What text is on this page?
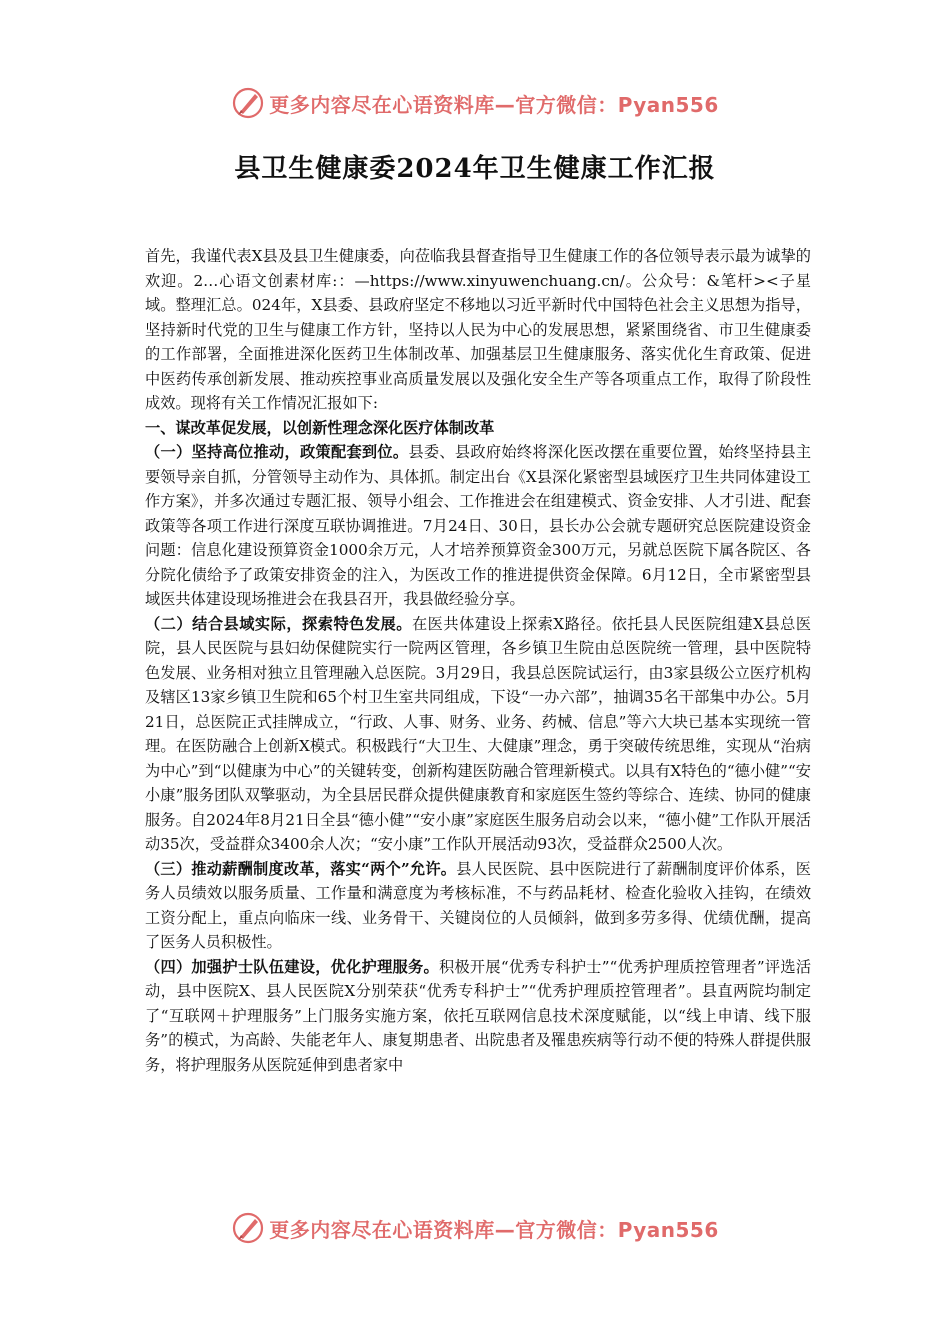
更多内容尽在心语资料库—官方微信：Pyan556
县卫生健康委2024年卫生健康工作汇报

首先，我谨代表X县及县卫生健康委，向莅临我县督查指导卫生健康工作的各位领导表示最为诚挚的欢迎。2…心语文创素材库:：—https://www.xinyuwenchuang.cn/。公众号：&笔杆><子星域。整理汇总。024年，X县委、县政府坚定不移地以习近平新时代中国特色社会主义思想为指导，坚持新时代党的卫生与健康工作方针，坚持以人民为中心的发展思想，紧紧围绕省、市卫生健康委的工作部署，全面推进深化医药卫生体制改革、加强基层卫生健康服务、落实优化生育政策、促进中医药传承创新发展、推动疾控事业高质量发展以及强化安全生产等各项重点工作，取得了阶段性成效。现将有关工作情况汇报如下:

一、谋改革促发展，以创新性理念深化医疗体制改革

（一）坚持高位推动，政策配套到位。县委、县政府始终将深化医改摆在重要位置，始终坚持县主要领导亲自抓，分管领导主动作为、具体抓。制定出台《X县深化紧密型县域医疗卫生共同体建设工作方案》，并多次通过专题汇报、领导小组会、工作推进会在组建模式、资金安排、人才引进、配套政策等各项工作进行深度互联协调推进。7月24日、30日，县长办公会就专题研究总医院建设资金问题：信息化建设预算资金1000余万元，人才培养预算资金300万元，另就总医院下属各院区、各分院化债给予了政策安排资金的注入，为医改工作的推进提供资金保障。6月12日，全市紧密型县域医共体建设现场推进会在我县召开，我县做经验分享。

（二）结合县域实际，探索特色发展。在医共体建设上探索X路径。依托县人民医院组建X县总医院，县人民医院与县妇幼保健院实行一院两区管理，各乡镇卫生院由总医院统一管理，县中医院特色发展、业务相对独立且管理融入总医院。3月29日，我县总医院试运行，由3家县级公立医疗机构及辖区13家乡镇卫生院和65个村卫生室共同组成，下设“一办六部”，抽调35名干部集中办公。5月21日，总医院正式挂牌成立，“行政、人事、财务、业务、药械、信息”等六大块已基本实现统一管理。在医防融合上创新X模式。积极践行“大卫生、大健康”理念，勇于突破传统思维，实现从“治病为中心”到“以健康为中心”的关键转变，创新构建医防融合管理新模式。以具有X特色的“德小健”“安小康”服务团队双擎驱动，为全县居民群众提供健康教育和家庭医生签约等综合、连续、协同的健康服务。自2024年8月21日全县“德小健”“安小康”家庭医生服务启动会以来，“德小健”工作队开展活动35次，受益群众3400余人次；“安小康”工作队开展活动93次，受益群众2500人次。

（三）推动薪酬制度改革，落实“两个”允许。县人民医院、县中医院进行了薪酬制度评价体系，医务人员绩效以服务质量、工作量和满意度为考核标准，不与药品耗材、检查化验收入挂钩，在绩效工资分配上，重点向临床一线、业务骨干、关键岗位的人员倾斜，做到多劳多得、优绩优酬，提高了医务人员积极性。

（四）加强护士队伍建设，优化护理服务。积极开展“优秀专科护士”“优秀护理质控管理者”评选活动，县中医院X、县人民医院X分别荣获“优秀专科护士”“优秀护理质控管理者”。县直两院均制定了“互联网＋护理服务”上门服务实施方案，依托互联网信息技术深度赋能，以“线上申请、线下服务”的模式，为高龄、失能老年人、康复期患者、出院患者及罹患疾病等行动不便的特殊人群提供服务，将护理服务从医院延伸到患者家中

更多内容尽在心语资料库—官方微信：Pyan556
